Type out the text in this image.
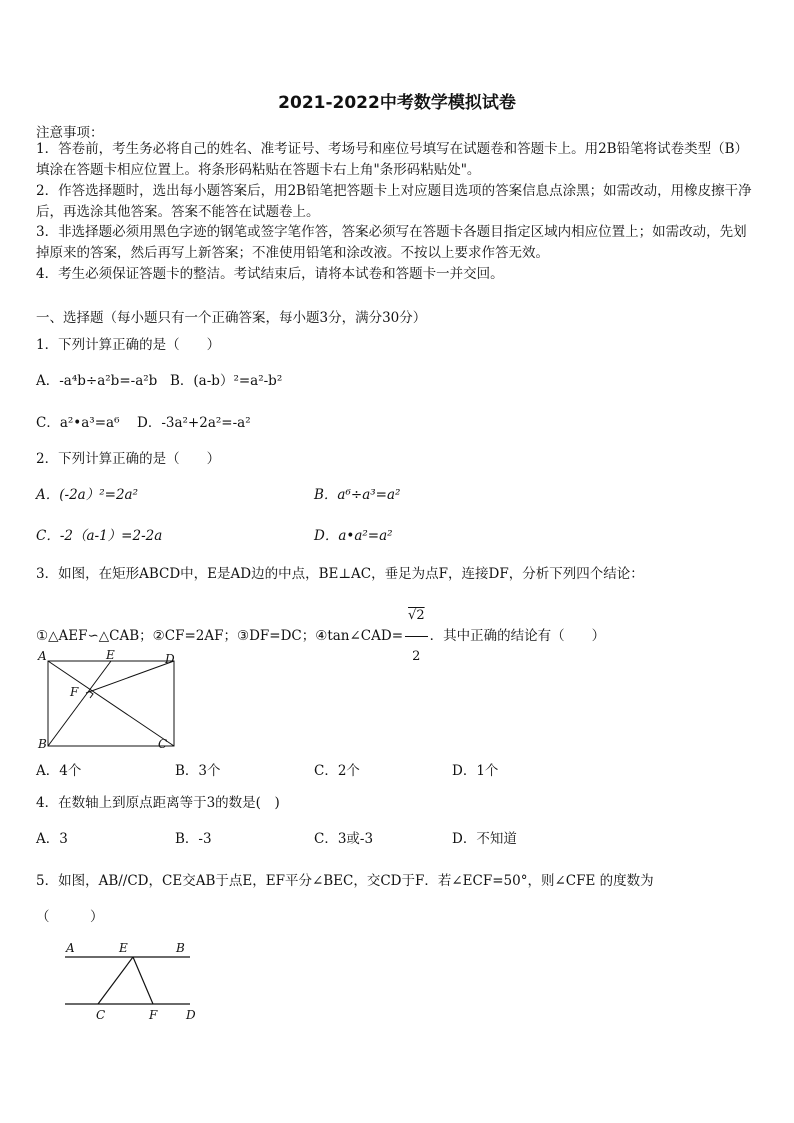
2021-2022中考数学模拟试卷
注意事项：
1．答卷前，考生务必将自己的姓名、准考证号、考场号和座位号填写在试题卷和答题卡上。用2B铅笔将试卷类型（B）填涂在答题卡相应位置上。将条形码粘贴在答题卡右上角"条形码粘贴处"。
2．作答选择题时，选出每小题答案后，用2B铅笔把答题卡上对应题目选项的答案信息点涂黑；如需改动，用橡皮擦干净后，再选涂其他答案。答案不能答在试题卷上。
3．非选择题必须用黑色字迹的钢笔或签字笔作答，答案必须写在答题卡各题目指定区域内相应位置上；如需改动，先划掉原来的答案，然后再写上新答案；不准使用铅笔和涂改液。不按以上要求作答无效。
4．考生必须保证答题卡的整洁。考试结束后，请将本试卷和答题卡一并交回。
一、选择题（每小题只有一个正确答案，每小题3分，满分30分）
1．下列计算正确的是（　　）
A．-a⁴b÷a²b=-a²b B．(a-b）²=a²-b²
C．a²•a³=a⁶ D．-3a²+2a²=-a²
2．下列计算正确的是（　　）
A．(-2a）²=2a²	B．a⁶÷a³=a²
C．-2（a-1）=2-2a	D．a•a²=a²
3．如图，在矩形ABCD中，E是AD边的中点，BE⊥AC，垂足为点F，连接DF，分析下列四个结论：
①△AEF∽△CAB；②CF=2AF；③DF=DC；④tan∠CAD= $\frac{√2}{2}$ ．其中正确的结论有（　　）
A	E	D
F
B	C
A．4个	B．3个	C．2个	D．1个
4．在数轴上到原点距离等于3的数是(　)
A．3	B．-3	C．3或-3	D．不知道
5．如图，AB//CD，CE交AB于点E，EF平分∠BEC，交CD于F．若∠ECF=50°，则∠CFE 的度数为
（　　　）
A	E	B
C	F D
